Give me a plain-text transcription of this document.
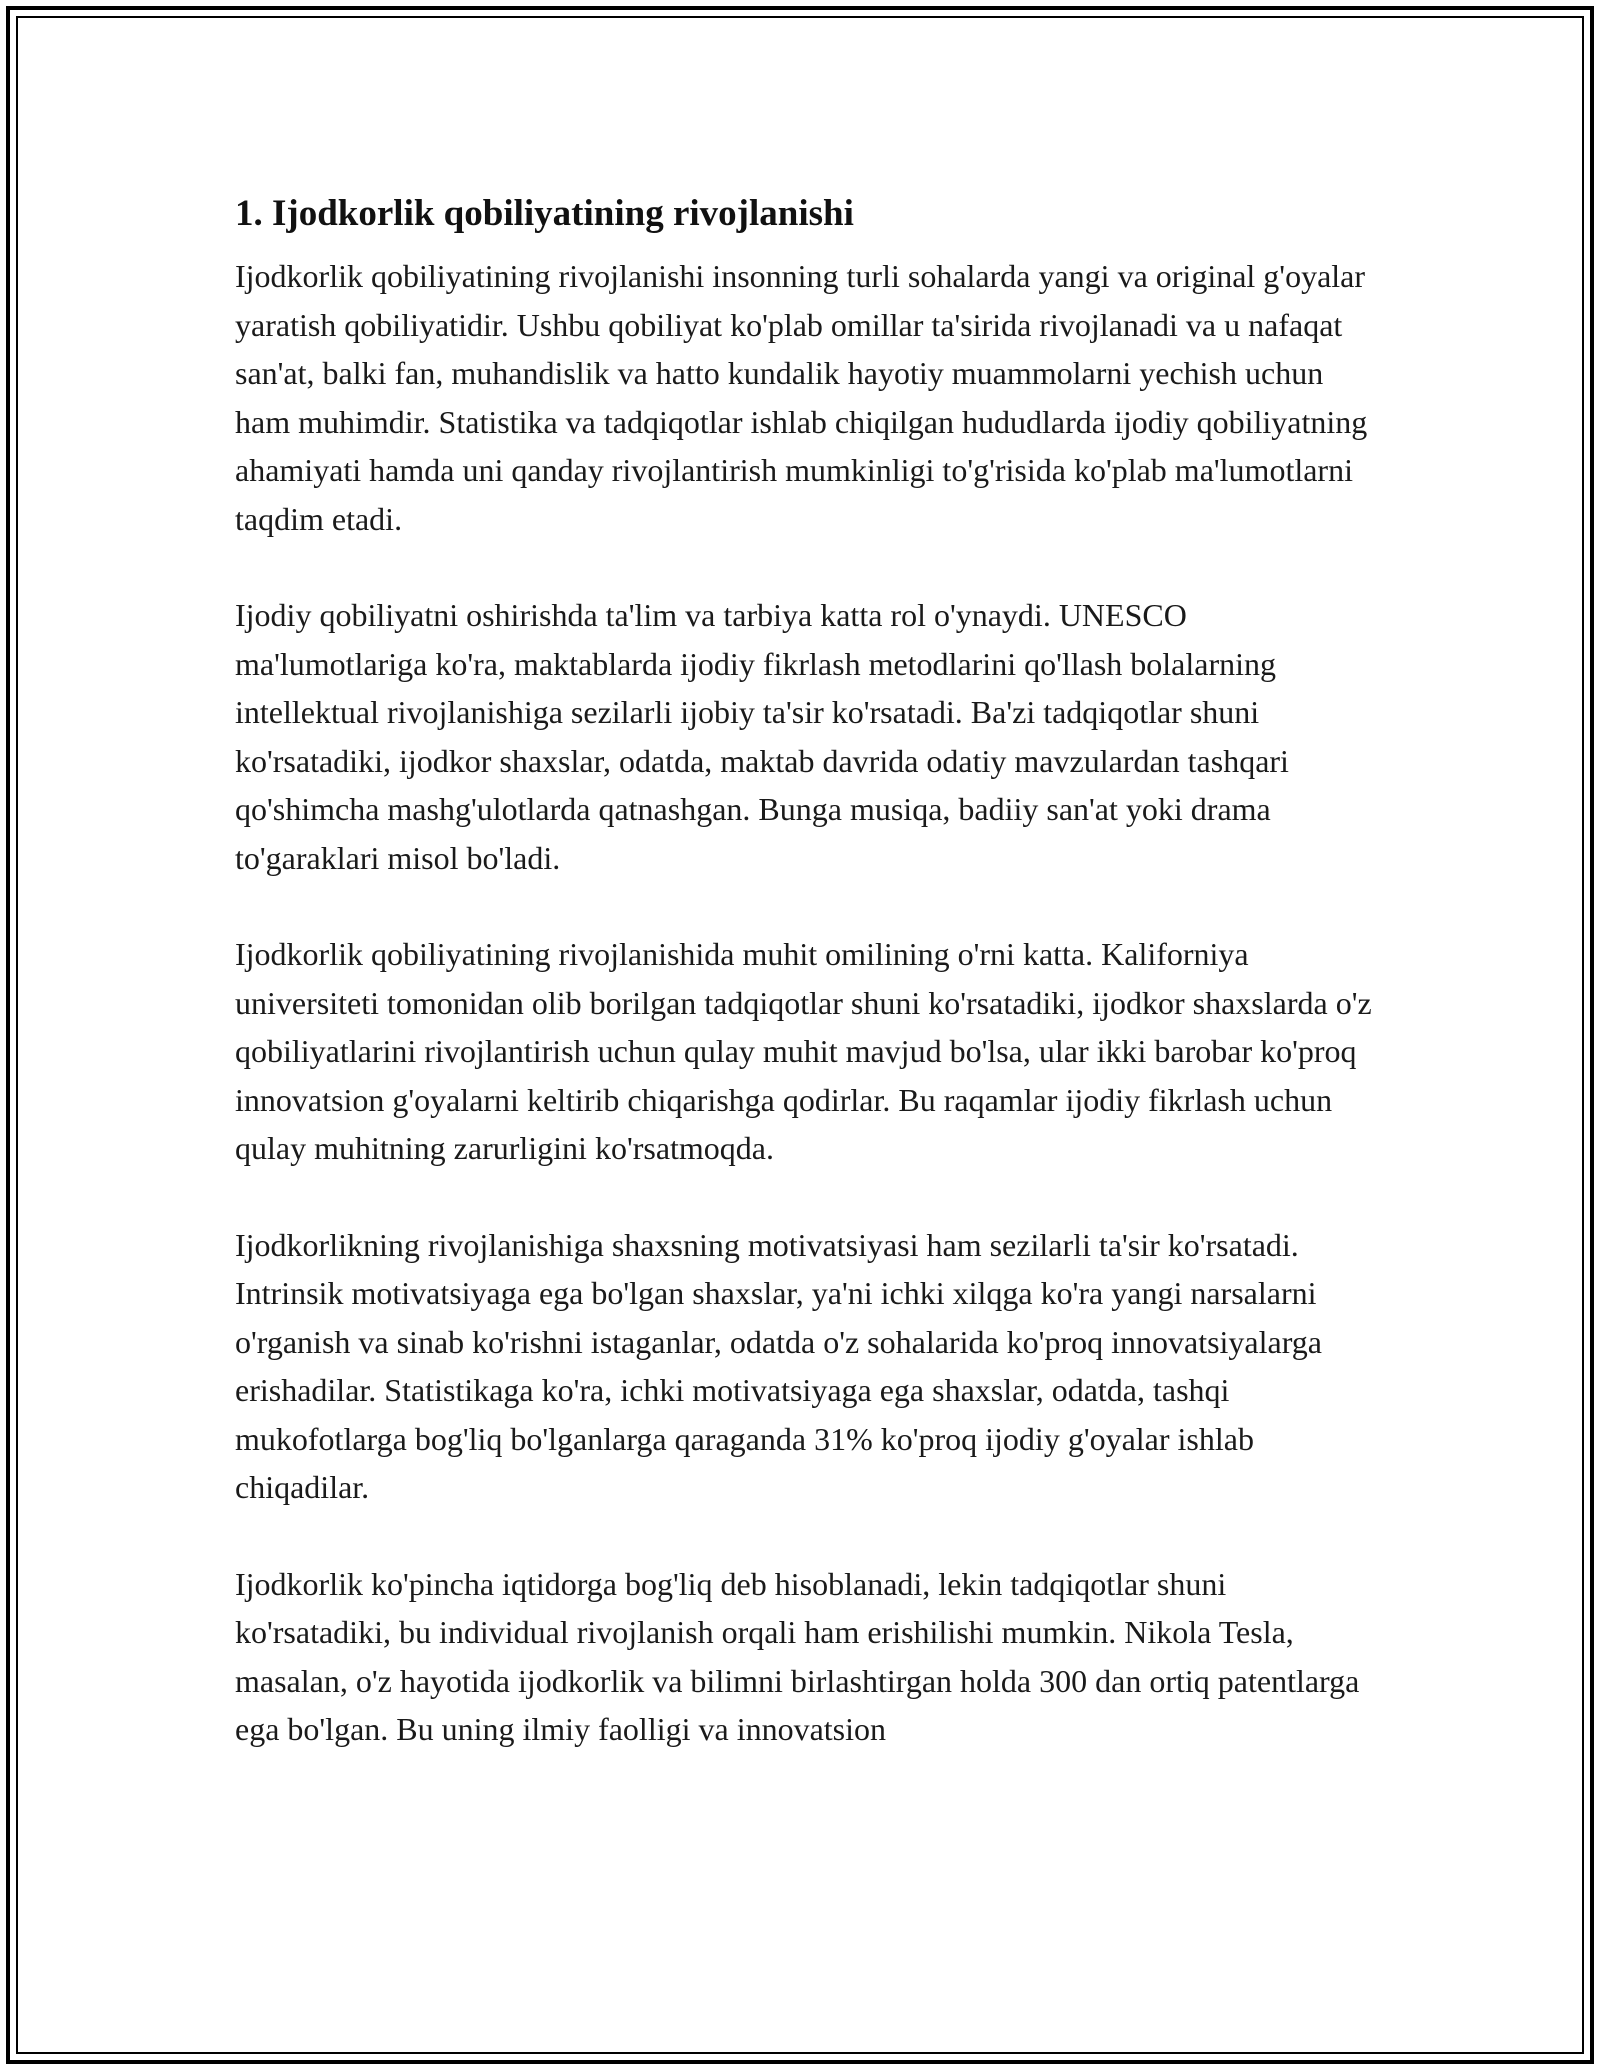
1. Ijodkorlik qobiliyatining rivojlanishi

Ijodkorlik qobiliyatining rivojlanishi insonning turli sohalarda yangi va original g'oyalar yaratish qobiliyatidir. Ushbu qobiliyat ko'plab omillar ta'sirida rivojlanadi va u nafaqat san'at, balki fan, muhandislik va hatto kundalik hayotiy muammolarni yechish uchun ham muhimdir. Statistika va tadqiqotlar ishlab chiqilgan hududlarda ijodiy qobiliyatning ahamiyati hamda uni qanday rivojlantirish mumkinligi to'g'risida ko'plab ma'lumotlarni taqdim etadi.

Ijodiy qobiliyatni oshirishda ta'lim va tarbiya katta rol o'ynaydi. UNESCO ma'lumotlariga ko'ra, maktablarda ijodiy fikrlash metodlarini qo'llash bolalarning intellektual rivojlanishiga sezilarli ijobiy ta'sir ko'rsatadi. Ba'zi tadqiqotlar shuni ko'rsatadiki, ijodkor shaxslar, odatda, maktab davrida odatiy mavzulardan tashqari qo'shimcha mashg'ulotlarda qatnashgan. Bunga musiqa, badiiy san'at yoki drama to'garaklari misol bo'ladi.

Ijodkorlik qobiliyatining rivojlanishida muhit omilining o'rni katta. Kaliforniya universiteti tomonidan olib borilgan tadqiqotlar shuni ko'rsatadiki, ijodkor shaxslarda o'z qobiliyatlarini rivojlantirish uchun qulay muhit mavjud bo'lsa, ular ikki barobar ko'proq innovatsion g'oyalarni keltirib chiqarishga qodirlar. Bu raqamlar ijodiy fikrlash uchun qulay muhitning zarurligini ko'rsatmoqda.

Ijodkorlikning rivojlanishiga shaxsning motivatsiyasi ham sezilarli ta'sir ko'rsatadi. Intrinsik motivatsiyaga ega bo'lgan shaxslar, ya'ni ichki xilqga ko'ra yangi narsalarni o'rganish va sinab ko'rishni istaganlar, odatda o'z sohalarida ko'proq innovatsiyalarga erishadilar. Statistikaga ko'ra, ichki motivatsiyaga ega shaxslar, odatda, tashqi mukofotlarga bog'liq bo'lganlarga qaraganda 31% ko'proq ijodiy g'oyalar ishlab chiqadilar.

Ijodkorlik ko'pincha iqtidorga bog'liq deb hisoblanadi, lekin tadqiqotlar shuni ko'rsatadiki, bu individual rivojlanish orqali ham erishilishi mumkin. Nikola Tesla, masalan, o'z hayotida ijodkorlik va bilimni birlashtirgan holda 300 dan ortiq patentlarga ega bo'lgan. Bu uning ilmiy faolligi va innovatsion
